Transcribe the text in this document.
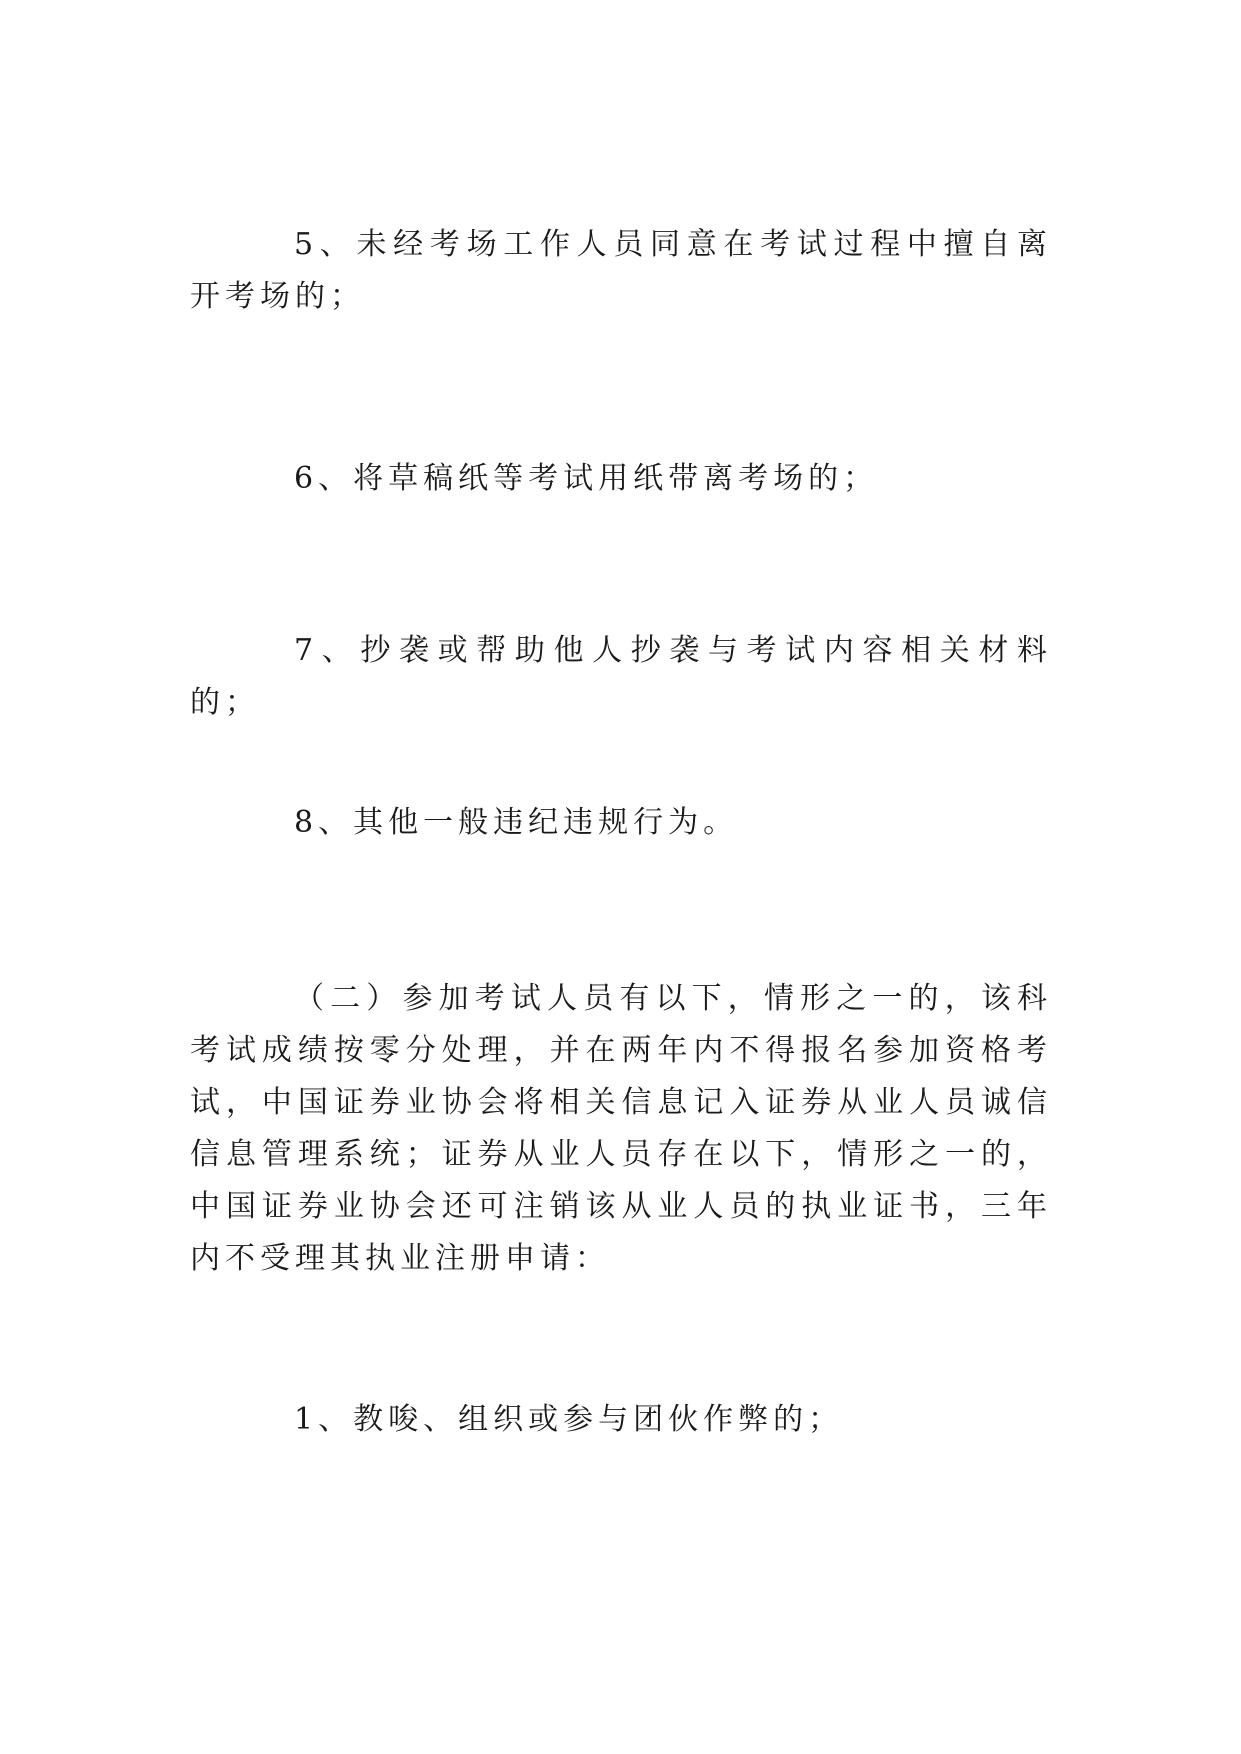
5、未经考场工作人员同意在考试过程中擅自离开考场的；

6、将草稿纸等考试用纸带离考场的；

7、抄袭或帮助他人抄袭与考试内容相关材料的；

8、其他一般违纪违规行为。

（二）参加考试人员有以下，情形之一的，该科考试成绩按零分处理，并在两年内不得报名参加资格考试，中国证券业协会将相关信息记入证券从业人员诚信信息管理系统；证券从业人员存在以下，情形之一的，中国证券业协会还可注销该从业人员的执业证书，三年内不受理其执业注册申请：

1、教唆、组织或参与团伙作弊的；
